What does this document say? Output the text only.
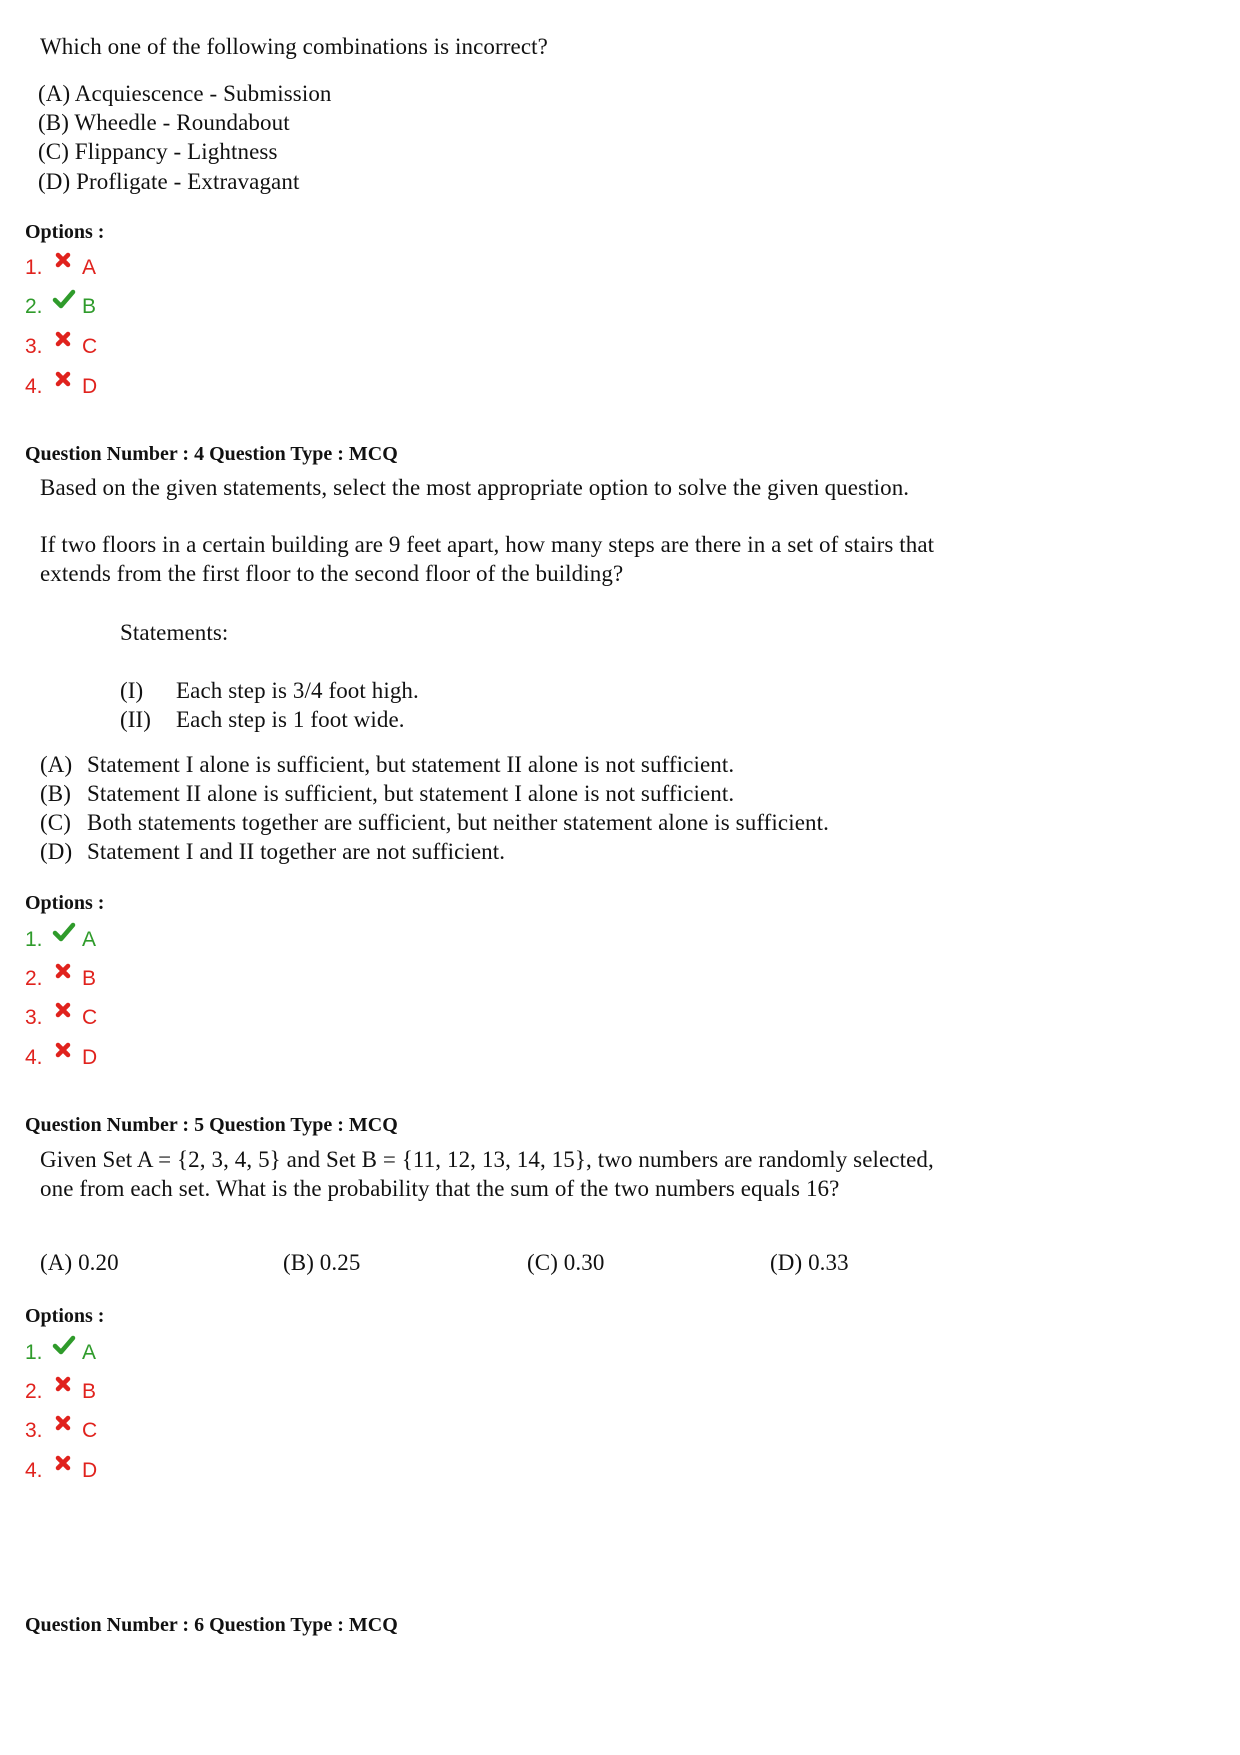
Which one of the following combinations is incorrect?
(A) Acquiescence - Submission
(B) Wheedle - Roundabout
(C) Flippancy - Lightness
(D) Profligate - Extravagant
Options :
1. A
2. B
3. C
4. D
Question Number : 4 Question Type : MCQ
Based on the given statements, select the most appropriate option to solve the given question.
If two floors in a certain building are 9 feet apart, how many steps are there in a set of stairs that
extends from the first floor to the second floor of the building?
Statements:
(I) Each step is 3/4 foot high.
(II) Each step is 1 foot wide.
(A) Statement I alone is sufficient, but statement II alone is not sufficient.
(B) Statement II alone is sufficient, but statement I alone is not sufficient.
(C) Both statements together are sufficient, but neither statement alone is sufficient.
(D) Statement I and II together are not sufficient.
Options :
1. A
2. B
3. C
4. D
Question Number : 5 Question Type : MCQ
Given Set A = {2, 3, 4, 5} and Set B = {11, 12, 13, 14, 15}, two numbers are randomly selected,
one from each set. What is the probability that the sum of the two numbers equals 16?
(A) 0.20	(B) 0.25	(C) 0.30	(D) 0.33
Options :
1. A
2. B
3. C
4. D
Question Number : 6 Question Type : MCQ
